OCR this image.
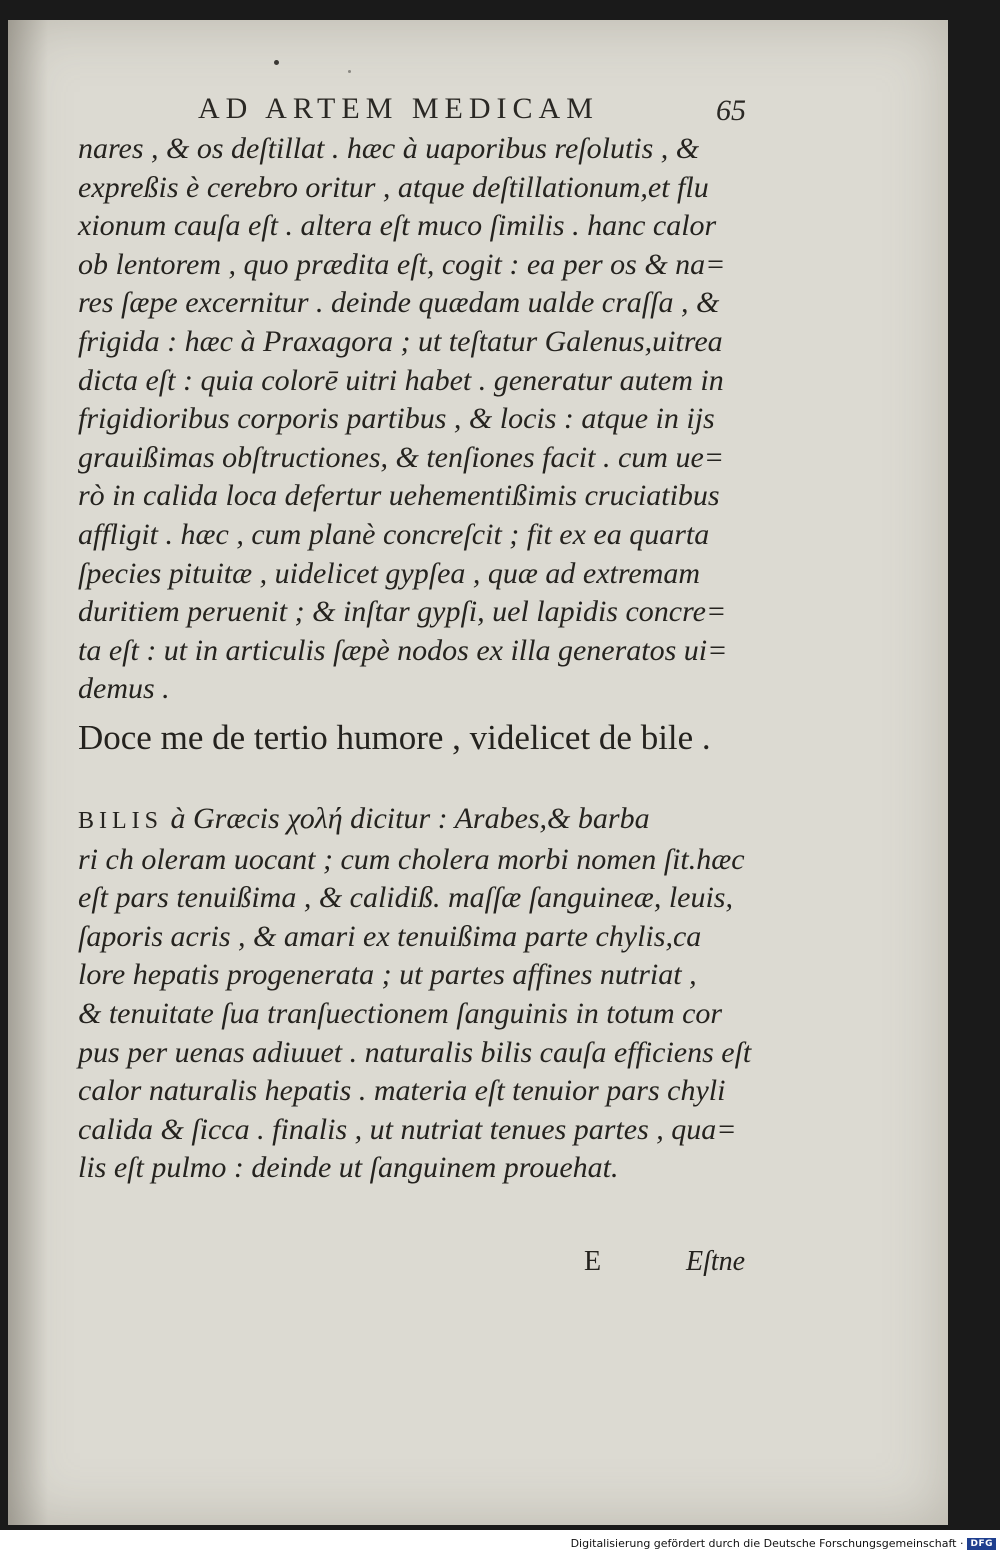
AD ARTEM MEDICAM	65

nares , & os deſtillat . hæc à uaporibus reſolutis , &
expreßis è cerebro oritur , atque deſtillationum,et flu
xionum cauſa eſt . altera eſt muco ſimilis . hanc calor
ob lentorem , quo prædita eſt, cogit : ea per os & na=
res ſæpe excernitur . deinde quædam ualde craſſa , &
frigida : hæc à Praxagora ; ut teſtatur Galenus,uitrea
dicta eſt : quia colorē uitri habet . generatur autem in
frigidioribus corporis partibus , & locis : atque in ijs
grauißimas obſtructiones, & tenſiones facit . cum ue=
rò in calida loca defertur uehementißimis cruciatibus
affligit . hæc , cum planè concreſcit ; fit ex ea quarta
ſpecies pituitæ , uidelicet gypſea , quæ ad extremam
duritiem peruenit ; & inſtar gypſi, uel lapidis concre=
ta eſt : ut in articulis ſæpè nodos ex illa generatos ui=
demus .

Doce me de tertio humore , videlicet de bile .

BILIS à Græcis χολή dicitur : Arabes,& barba
ri ch oleram uocant ; cum cholera morbi nomen ſit.hæc
eſt pars tenuißima , & calidiß. maſſæ ſanguineæ, leuis,
ſaporis acris , & amari ex tenuißima parte chylis,ca
lore hepatis progenerata ; ut partes affines nutriat ,
& tenuitate ſua tranſuectionem ſanguinis in totum cor
pus per uenas adiuuet . naturalis bilis cauſa efficiens eſt
calor naturalis hepatis . materia eſt tenuior pars chyli
calida & ſicca . finalis , ut nutriat tenues partes , qua=
lis eſt pulmo : deinde ut ſanguinem prouehat.

E	Eſtne
Digitalisierung gefördert durch die Deutsche Forschungsgemeinschaft · DFG
